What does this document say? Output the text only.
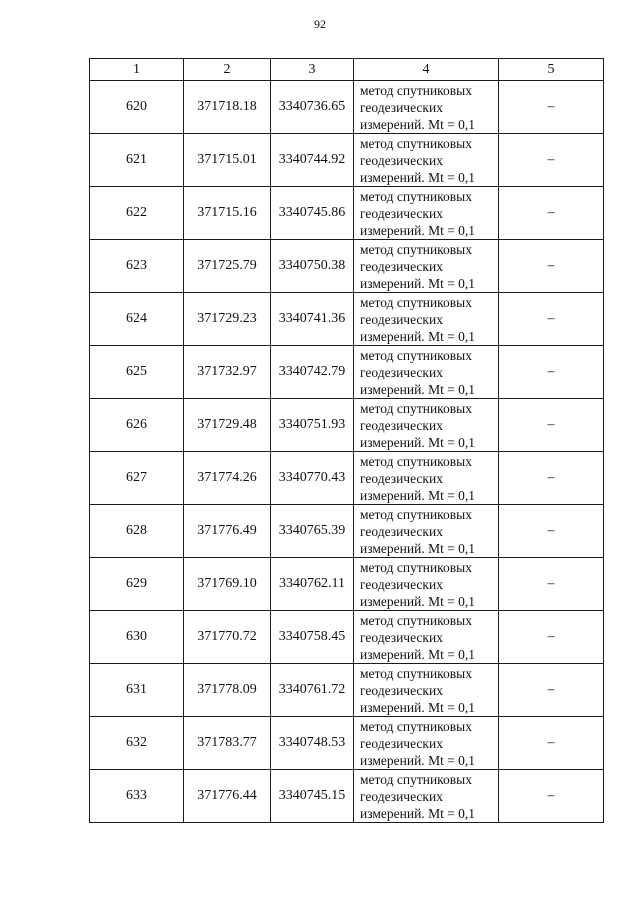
92
1	2	3	4	5
620	371718.18	3340736.65	метод спутниковых
геодезических
измерений. Mt = 0,1	–
621	371715.01	3340744.92	метод спутниковых
геодезических
измерений. Mt = 0,1	–
622	371715.16	3340745.86	метод спутниковых
геодезических
измерений. Mt = 0,1	–
623	371725.79	3340750.38	метод спутниковых
геодезических
измерений. Mt = 0,1	–
624	371729.23	3340741.36	метод спутниковых
геодезических
измерений. Mt = 0,1	–
625	371732.97	3340742.79	метод спутниковых
геодезических
измерений. Mt = 0,1	–
626	371729.48	3340751.93	метод спутниковых
геодезических
измерений. Mt = 0,1	–
627	371774.26	3340770.43	метод спутниковых
геодезических
измерений. Mt = 0,1	–
628	371776.49	3340765.39	метод спутниковых
геодезических
измерений. Mt = 0,1	–
629	371769.10	3340762.11	метод спутниковых
геодезических
измерений. Mt = 0,1	–
630	371770.72	3340758.45	метод спутниковых
геодезических
измерений. Mt = 0,1	–
631	371778.09	3340761.72	метод спутниковых
геодезических
измерений. Mt = 0,1	–
632	371783.77	3340748.53	метод спутниковых
геодезических
измерений. Mt = 0,1	–
633	371776.44	3340745.15	метод спутниковых
геодезических
измерений. Mt = 0,1	–
